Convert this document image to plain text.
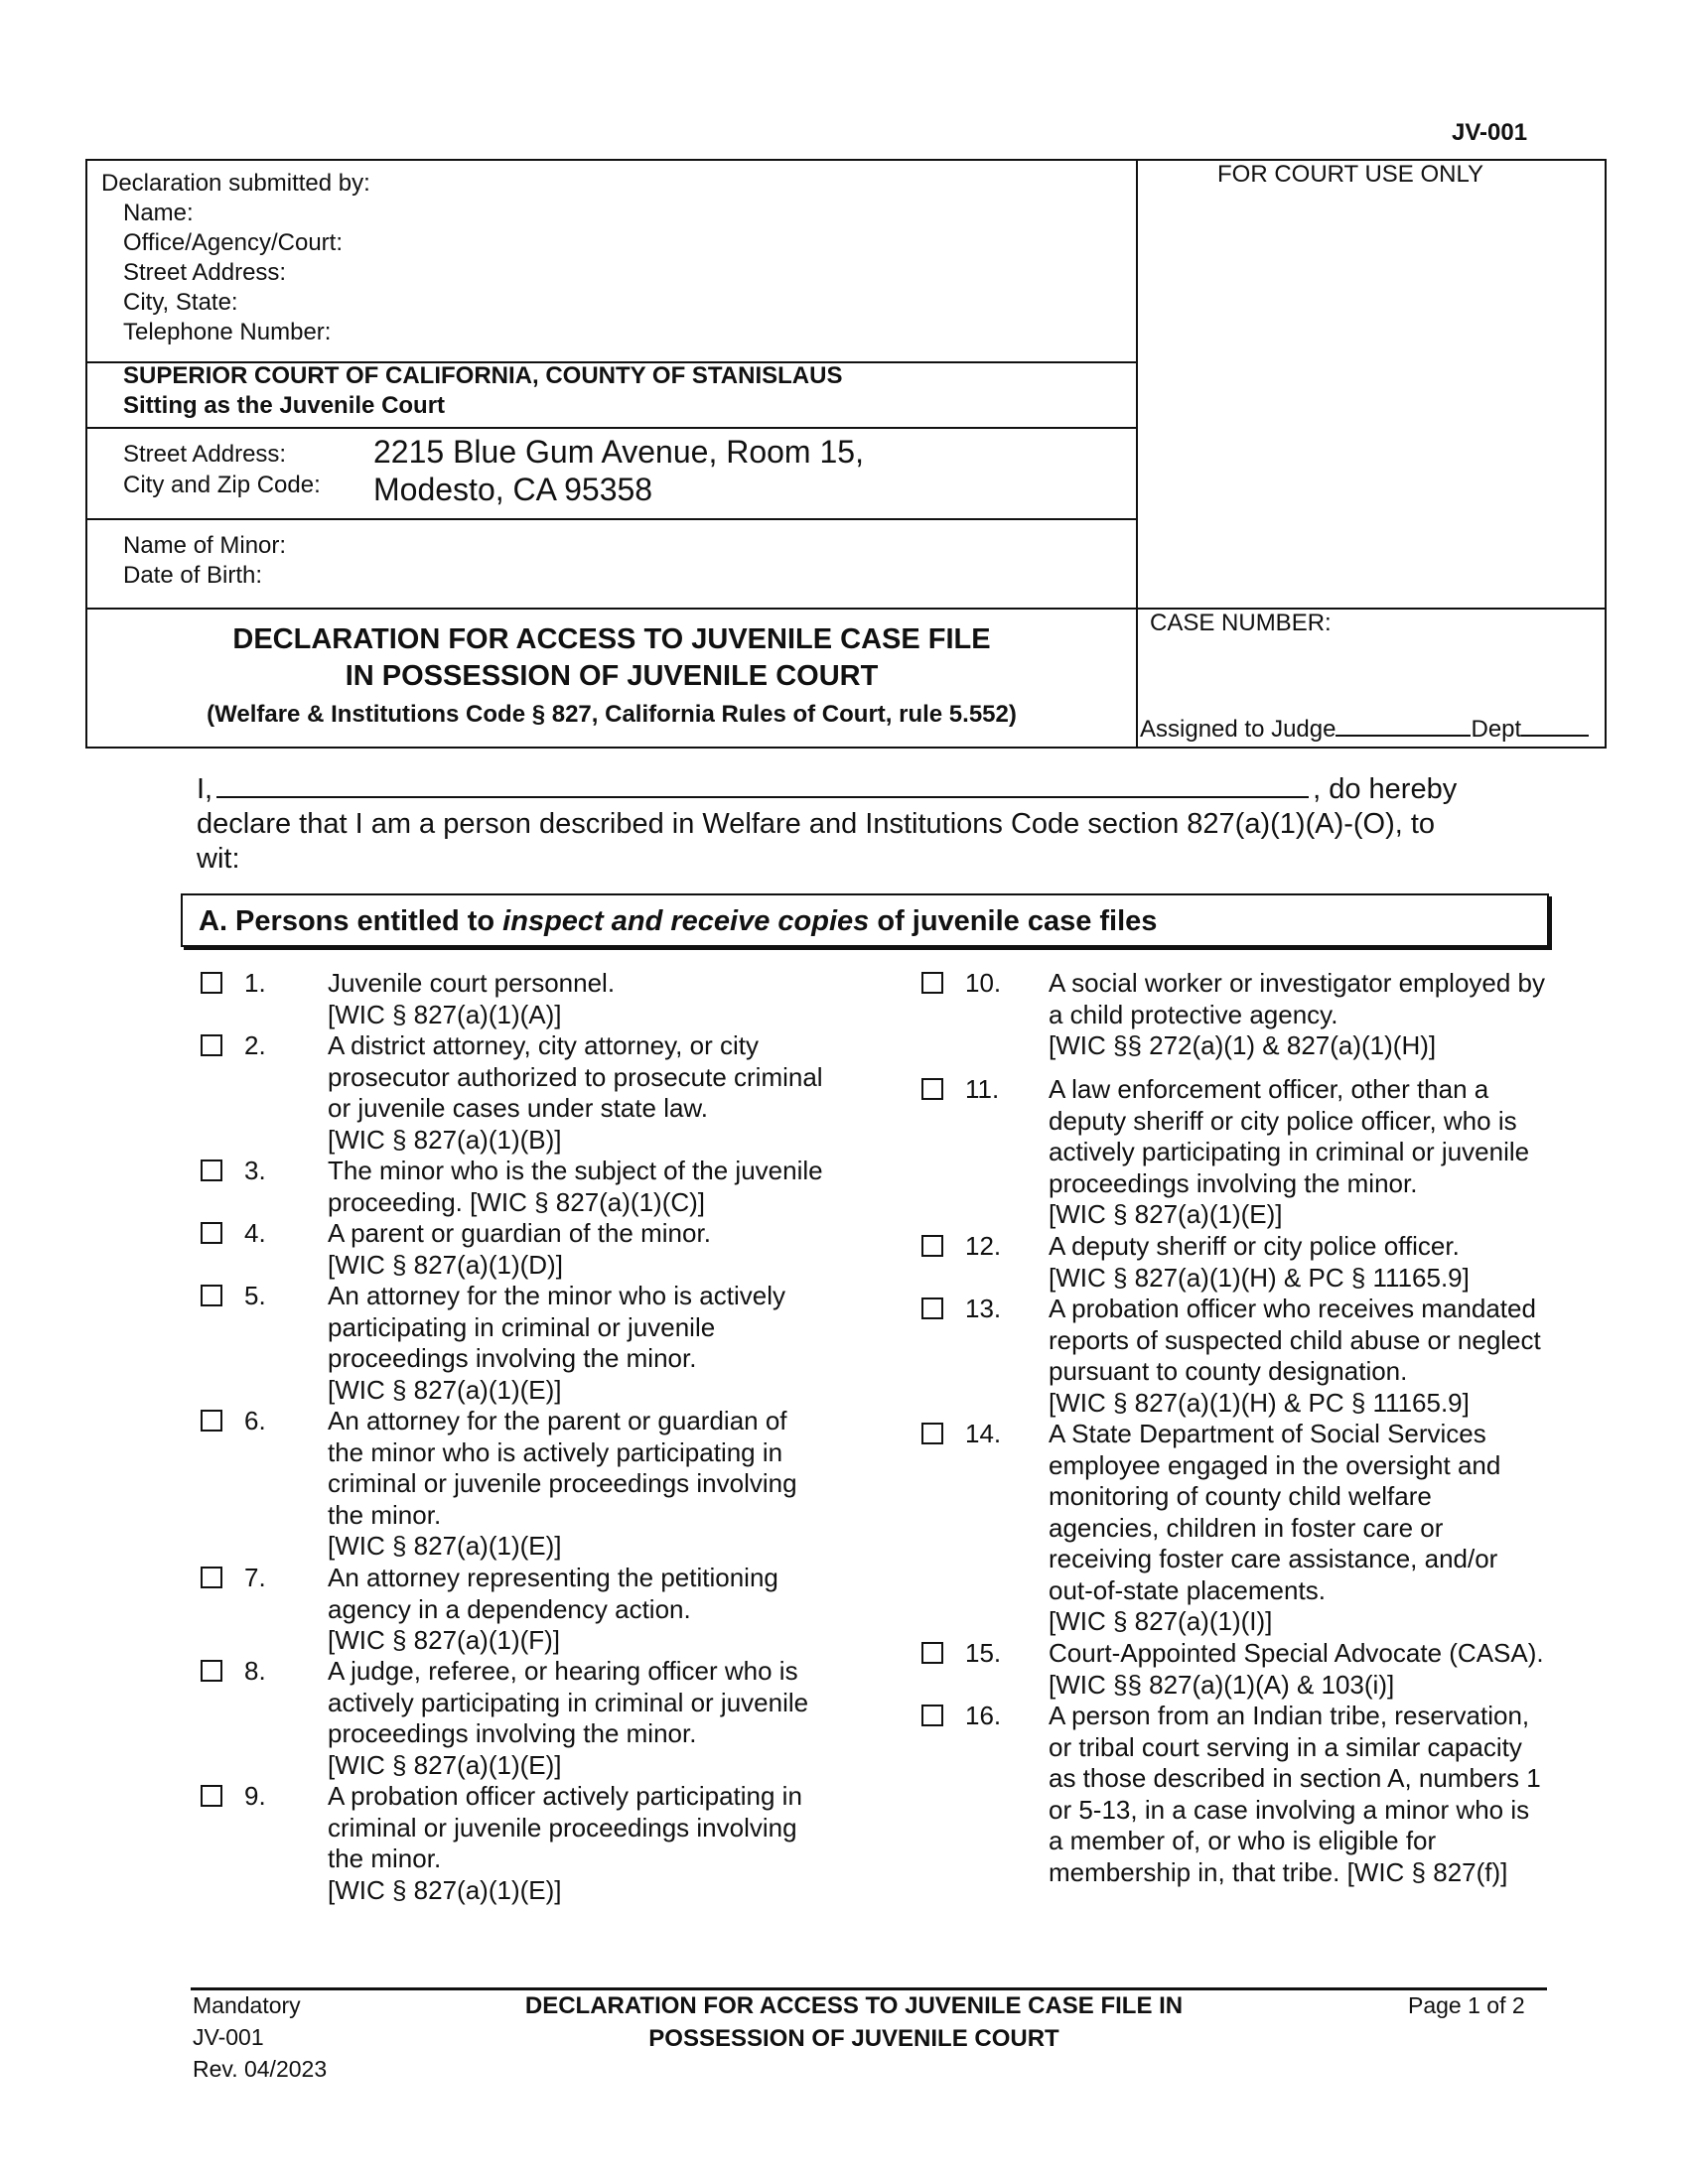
JV-001
Declaration submitted by:
Name:
Office/Agency/Court:
Street Address:
City, State:
Telephone Number:
FOR COURT USE ONLY
SUPERIOR COURT OF CALIFORNIA, COUNTY OF STANISLAUS
Sitting as the Juvenile Court
Street Address:
City and Zip Code:
2215 Blue Gum Avenue, Room 15,
Modesto, CA 95358
Name of Minor:
Date of Birth:
CASE NUMBER:
Assigned to Judge	Dept
DECLARATION FOR ACCESS TO JUVENILE CASE FILE
IN POSSESSION OF JUVENILE COURT
(Welfare & Institutions Code § 827, California Rules of Court, rule 5.552)
I,	, do hereby
declare that I am a person described in Welfare and Institutions Code section 827(a)(1)(A)-(O), to
wit:
A. Persons entitled to inspect and receive copies of juvenile case files
1. Juvenile court personnel.
[WIC § 827(a)(1)(A)]
2. A district attorney, city attorney, or city
prosecutor authorized to prosecute criminal
or juvenile cases under state law.
[WIC § 827(a)(1)(B)]
3. The minor who is the subject of the juvenile
proceeding. [WIC § 827(a)(1)(C)]
4. A parent or guardian of the minor.
[WIC § 827(a)(1)(D)]
5. An attorney for the minor who is actively
participating in criminal or juvenile
proceedings involving the minor.
[WIC § 827(a)(1)(E)]
6. An attorney for the parent or guardian of
the minor who is actively participating in
criminal or juvenile proceedings involving
the minor.
[WIC § 827(a)(1)(E)]
7. An attorney representing the petitioning
agency in a dependency action.
[WIC § 827(a)(1)(F)]
8. A judge, referee, or hearing officer who is
actively participating in criminal or juvenile
proceedings involving the minor.
[WIC § 827(a)(1)(E)]
9. A probation officer actively participating in
criminal or juvenile proceedings involving
the minor.
[WIC § 827(a)(1)(E)]
10. A social worker or investigator employed by
a child protective agency.
[WIC §§ 272(a)(1) & 827(a)(1)(H)]
11. A law enforcement officer, other than a
deputy sheriff or city police officer, who is
actively participating in criminal or juvenile
proceedings involving the minor.
[WIC § 827(a)(1)(E)]
12. A deputy sheriff or city police officer.
[WIC § 827(a)(1)(H) & PC § 11165.9]
13. A probation officer who receives mandated
reports of suspected child abuse or neglect
pursuant to county designation.
[WIC § 827(a)(1)(H) & PC § 11165.9]
14. A State Department of Social Services
employee engaged in the oversight and
monitoring of county child welfare
agencies, children in foster care or
receiving foster care assistance, and/or
out-of-state placements.
[WIC § 827(a)(1)(I)]
15. Court-Appointed Special Advocate (CASA).
[WIC §§ 827(a)(1)(A) & 103(i)]
16. A person from an Indian tribe, reservation,
or tribal court serving in a similar capacity
as those described in section A, numbers 1
or 5-13, in a case involving a minor who is
a member of, or who is eligible for
membership in, that tribe. [WIC § 827(f)]
Mandatory
JV-001
Rev. 04/2023
DECLARATION FOR ACCESS TO JUVENILE CASE FILE IN
POSSESSION OF JUVENILE COURT
Page 1 of 2
